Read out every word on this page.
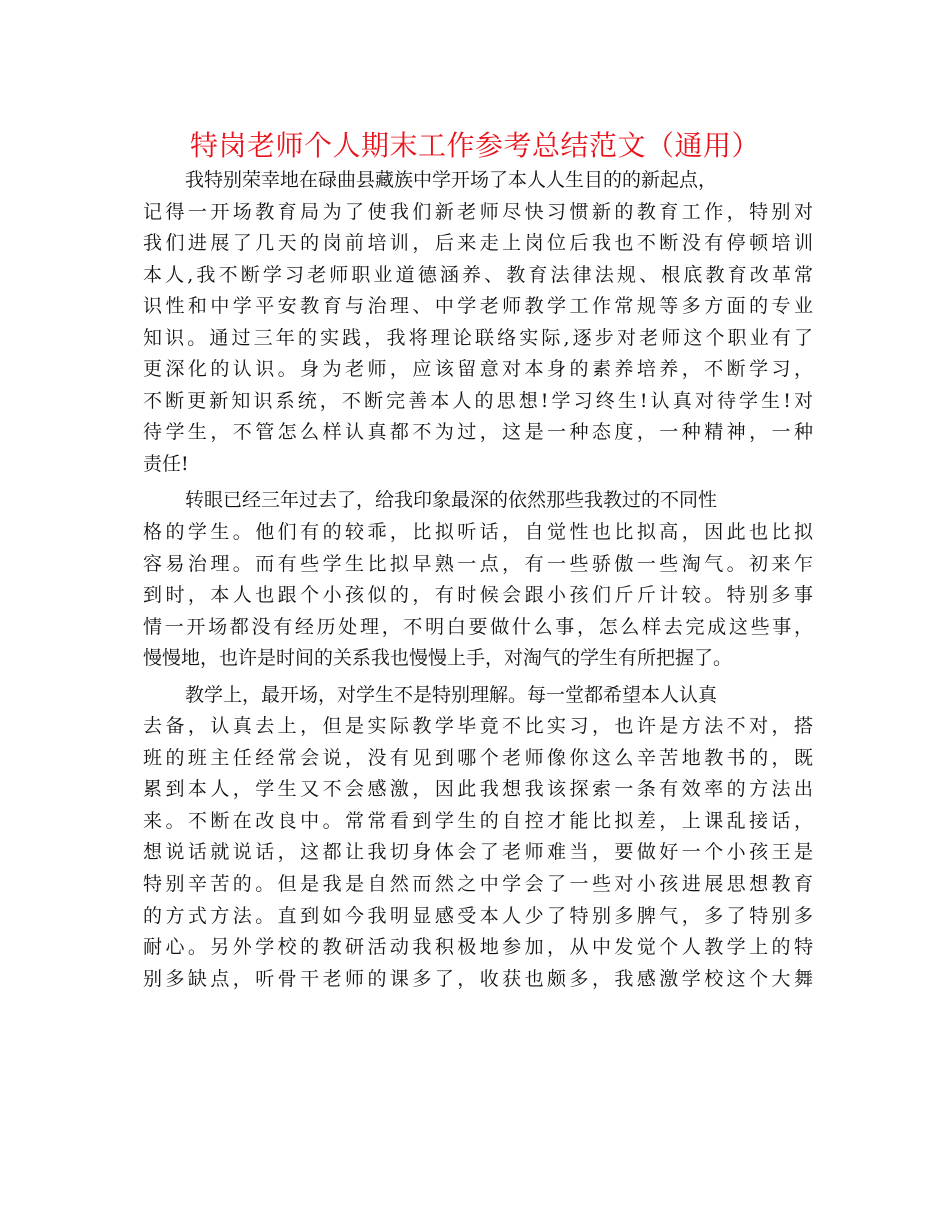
特岗老师个人期末工作参考总结范文（通用）
我特别荣幸地在碌曲县藏族中学开场了本人人生目的的新起点，
记得一开场教育局为了使我们新老师尽快习惯新的教育工作，特别对
我们进展了几天的岗前培训，后来走上岗位后我也不断没有停顿培训
本人,我不断学习老师职业道德涵养、教育法律法规、根底教育改革常
识性和中学平安教育与治理、中学老师教学工作常规等多方面的专业
知识。通过三年的实践，我将理论联络实际,逐步对老师这个职业有了
更深化的认识。身为老师，应该留意对本身的素养培养，不断学习，
不断更新知识系统，不断完善本人的思想!学习终生!认真对待学生!对
待学生，不管怎么样认真都不为过，这是一种态度，一种精神，一种
责任!
转眼已经三年过去了，给我印象最深的依然那些我教过的不同性
格的学生。他们有的较乖，比拟听话，自觉性也比拟高，因此也比拟
容易治理。而有些学生比拟早熟一点，有一些骄傲一些淘气。初来乍
到时，本人也跟个小孩似的，有时候会跟小孩们斤斤计较。特别多事
情一开场都没有经历处理，不明白要做什么事，怎么样去完成这些事，
慢慢地，也许是时间的关系我也慢慢上手，对淘气的学生有所把握了。
教学上，最开场，对学生不是特别理解。每一堂都希望本人认真
去备，认真去上，但是实际教学毕竟不比实习，也许是方法不对，搭
班的班主任经常会说，没有见到哪个老师像你这么辛苦地教书的，既
累到本人，学生又不会感激，因此我想我该探索一条有效率的方法出
来。不断在改良中。常常看到学生的自控才能比拟差，上课乱接话，
想说话就说话，这都让我切身体会了老师难当，要做好一个小孩王是
特别辛苦的。但是我是自然而然之中学会了一些对小孩进展思想教育
的方式方法。直到如今我明显感受本人少了特别多脾气，多了特别多
耐心。另外学校的教研活动我积极地参加，从中发觉个人教学上的特
别多缺点，听骨干老师的课多了，收获也颇多，我感激学校这个大舞
